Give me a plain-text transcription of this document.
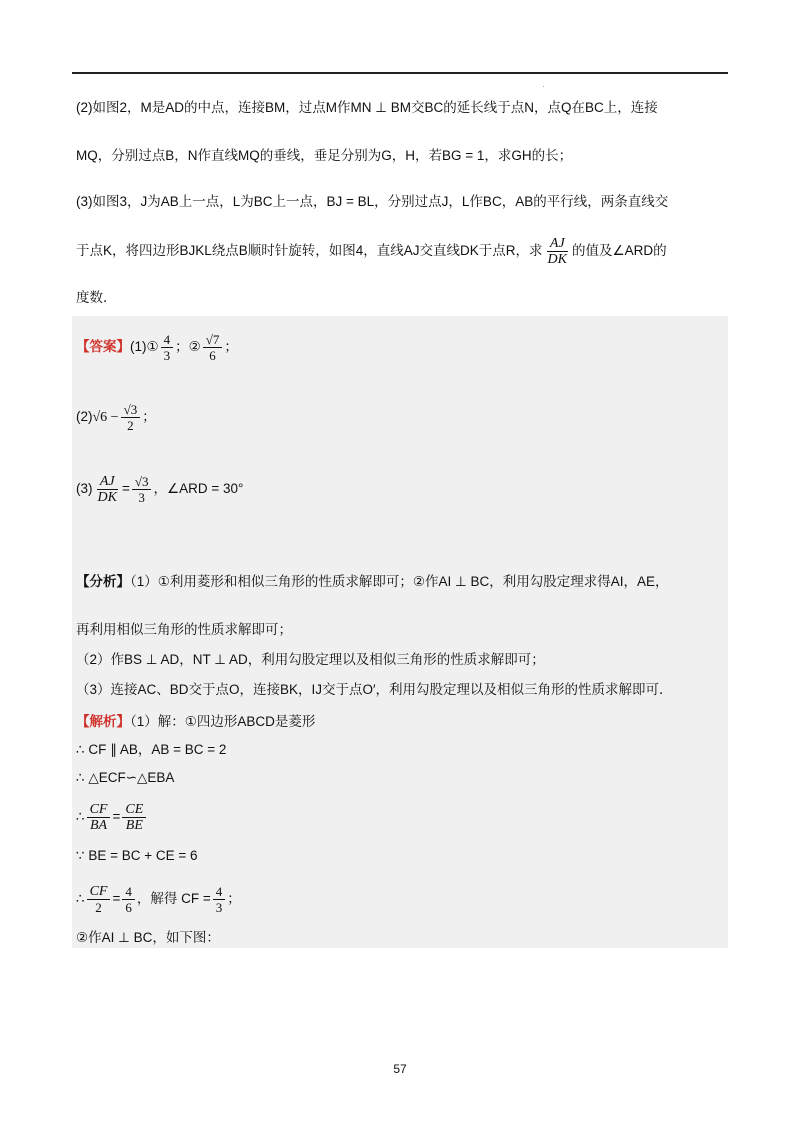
·
(2)如图2，M是AD的中点，连接BM，过点M作MN ⊥ BM交BC的延长线于点N，点Q在BC上，连接
MQ，分别过点B，N作直线MQ的垂线，垂足分别为G，H，若BG = 1，求GH的长；
(3)如图3，J为AB上一点，L为BC上一点，BJ = BL，分别过点J，L作BC，AB的平行线，两条直线交
于点K，将四边形BJKL绕点B顺时针旋转，如图4，直线AJ交直线DK于点R，求 $\frac{AJ}{DK}$ 的值及∠ARD的
度数．
【答案】(1)① $\frac{4}{3}$ ；② $\frac{√7}{6}$ ；
$(2)√6 - \frac{√3}{2}$ ；
$(3) \frac{AJ}{DK} = \frac{√3}{3}$ ，∠ARD = 30°
【分析】（1）①利用菱形和相似三角形的性质求解即可；②作AI ⊥ BC，利用勾股定理求得AI，AE，
再利用相似三角形的性质求解即可；
（2）作BS ⊥ AD，NT ⊥ AD，利用勾股定理以及相似三角形的性质求解即可；
（3）连接AC、BD交于点O，连接BK，IJ交于点O′，利用勾股定理以及相似三角形的性质求解即可．
【解析】（1）解：①四边形ABCD是菱形
∴ CF ∥ AB，AB = BC = 2
∴ △ECF∽△EBA
∴ $\frac{CF}{BA} = \frac{CE}{BE}$
∵ BE = BC + CE = 6
∴ $\frac{CF}{2} = \frac{4}{6}$ ，解得 CF = $\frac{4}{3}$ ；
②作AI ⊥ BC，如下图：
57
